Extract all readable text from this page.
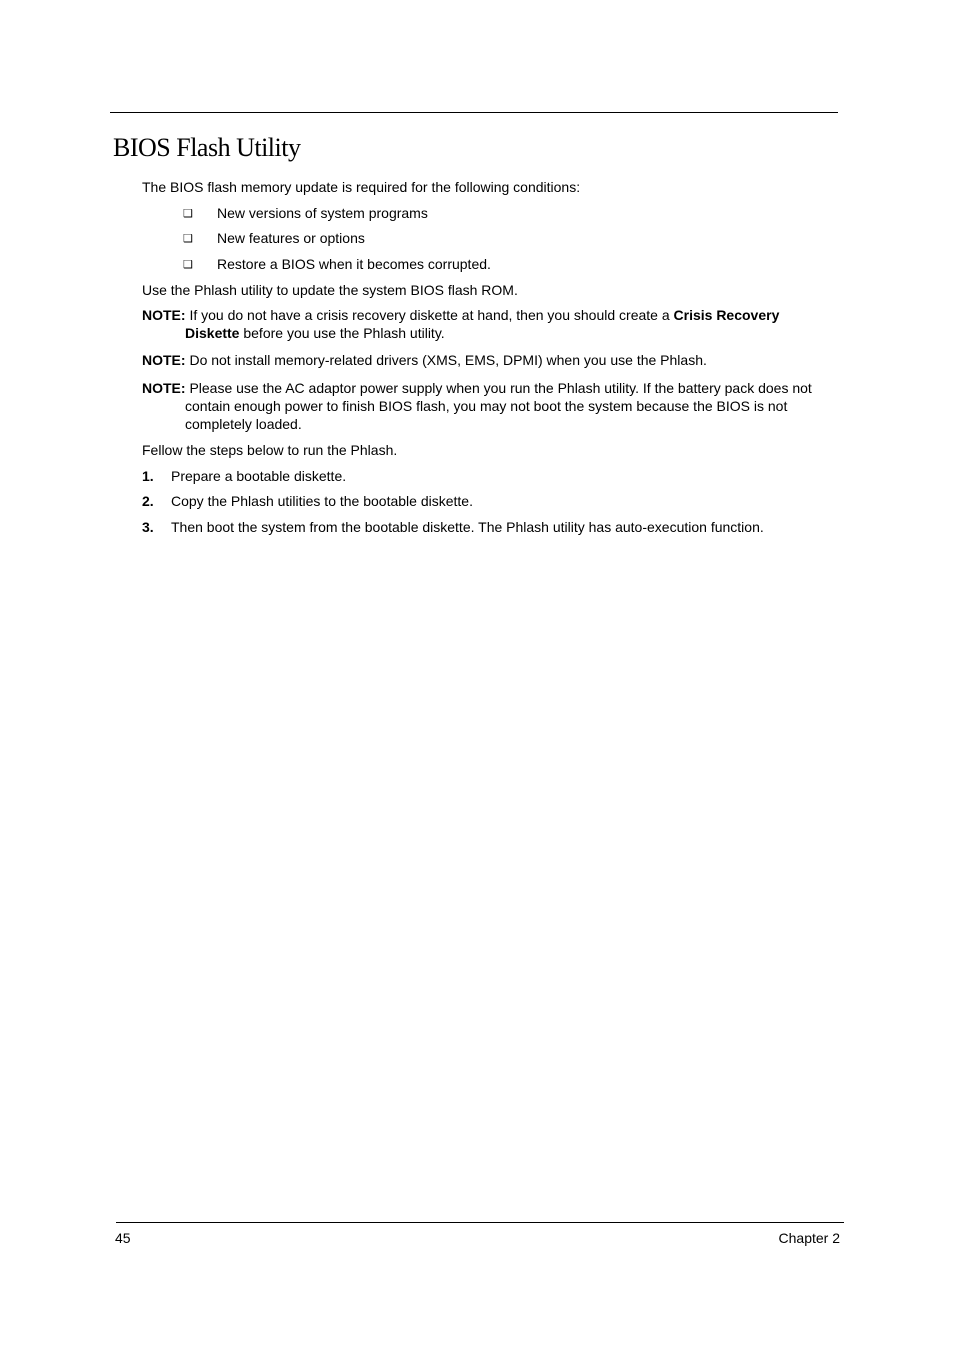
BIOS Flash Utility

The BIOS flash memory update is required for the following conditions:

❑ New versions of system programs
❑ New features or options
❑ Restore a BIOS when it becomes corrupted.

Use the Phlash utility to update the system BIOS flash ROM.

NOTE: If you do not have a crisis recovery diskette at hand, then you should create a Crisis Recovery Diskette before you use the Phlash utility.
NOTE: Do not install memory-related drivers (XMS, EMS, DPMI) when you use the Phlash.
NOTE: Please use the AC adaptor power supply when you run the Phlash utility. If the battery pack does not contain enough power to finish BIOS flash, you may not boot the system because the BIOS is not completely loaded.

Fellow the steps below to run the Phlash.

1. Prepare a bootable diskette.
2. Copy the Phlash utilities to the bootable diskette.
3. Then boot the system from the bootable diskette. The Phlash utility has auto-execution function.
45	Chapter 2
